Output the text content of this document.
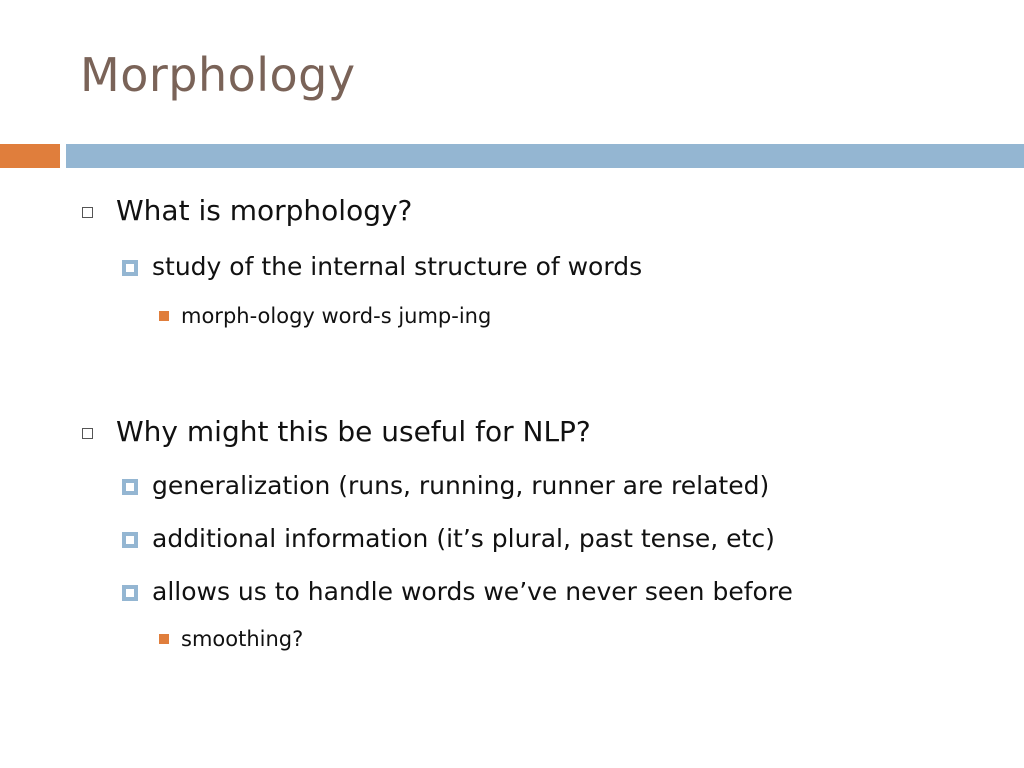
Morphology
What is morphology?
study of the internal structure of words
morph-ology word-s jump-ing
Why might this be useful for NLP?
generalization (runs, running, runner are related)
additional information (it’s plural, past tense, etc)
allows us to handle words we’ve never seen before
smoothing?
